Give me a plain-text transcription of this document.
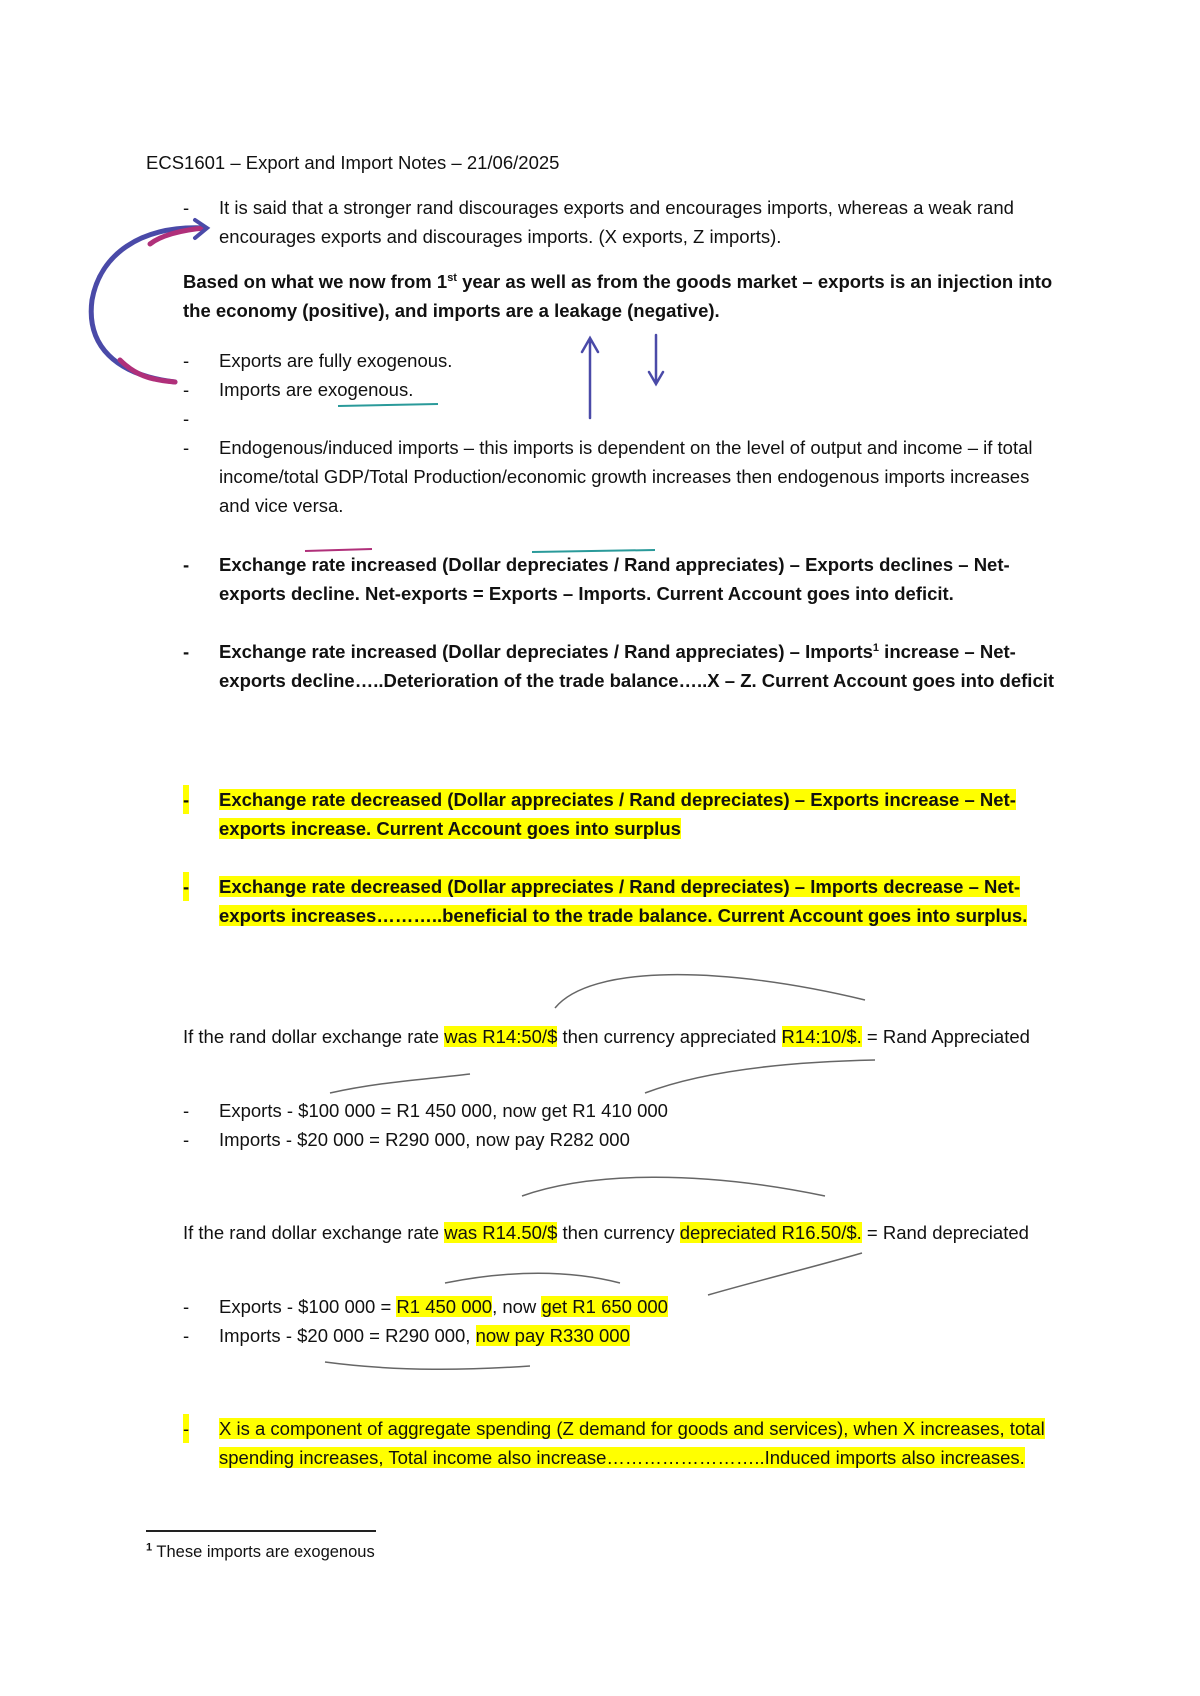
ECS1601 – Export and Import Notes – 21/06/2025
- It is said that a stronger rand discourages exports and encourages imports, whereas a weak rand encourages exports and discourages imports. (X exports, Z imports).
Based on what we now from 1st year as well as from the goods market – exports is an injection into the economy (positive), and imports are a leakage (negative).
- Exports are fully exogenous.
- Imports are exogenous.
-
- Endogenous/induced imports – this imports is dependent on the level of output and income – if total income/total GDP/Total Production/economic growth increases then endogenous imports increases and vice versa.
- Exchange rate increased (Dollar depreciates / Rand appreciates) – Exports declines – Net-exports decline. Net-exports = Exports – Imports. Current Account goes into deficit.
- Exchange rate increased (Dollar depreciates / Rand appreciates) – Imports$^1$ increase – Net-exports decline…..Deterioration of the trade balance…..X – Z. Current Account goes into deficit
- Exchange rate decreased (Dollar appreciates / Rand depreciates) – Exports increase – Net-exports increase. Current Account goes into surplus
- Exchange rate decreased (Dollar appreciates / Rand depreciates) – Imports decrease – Net-exports increases………..beneficial to the trade balance. Current Account goes into surplus.
If the rand dollar exchange rate was R14:50/$ then currency appreciated R14:10/$. = Rand Appreciated
- Exports - $100 000 = R1 450 000, now get R1 410 000
- Imports - $20 000 = R290 000, now pay R282 000
If the rand dollar exchange rate was R14.50/$ then currency depreciated R16.50/$. = Rand depreciated
- Exports - $100 000 = R1 450 000, now get R1 650 000
- Imports - $20 000 = R290 000, now pay R330 000
- X is a component of aggregate spending (Z demand for goods and services), when X increases, total spending increases, Total income also increase……………………..Induced imports also increases.
$^1$ These imports are exogenous
